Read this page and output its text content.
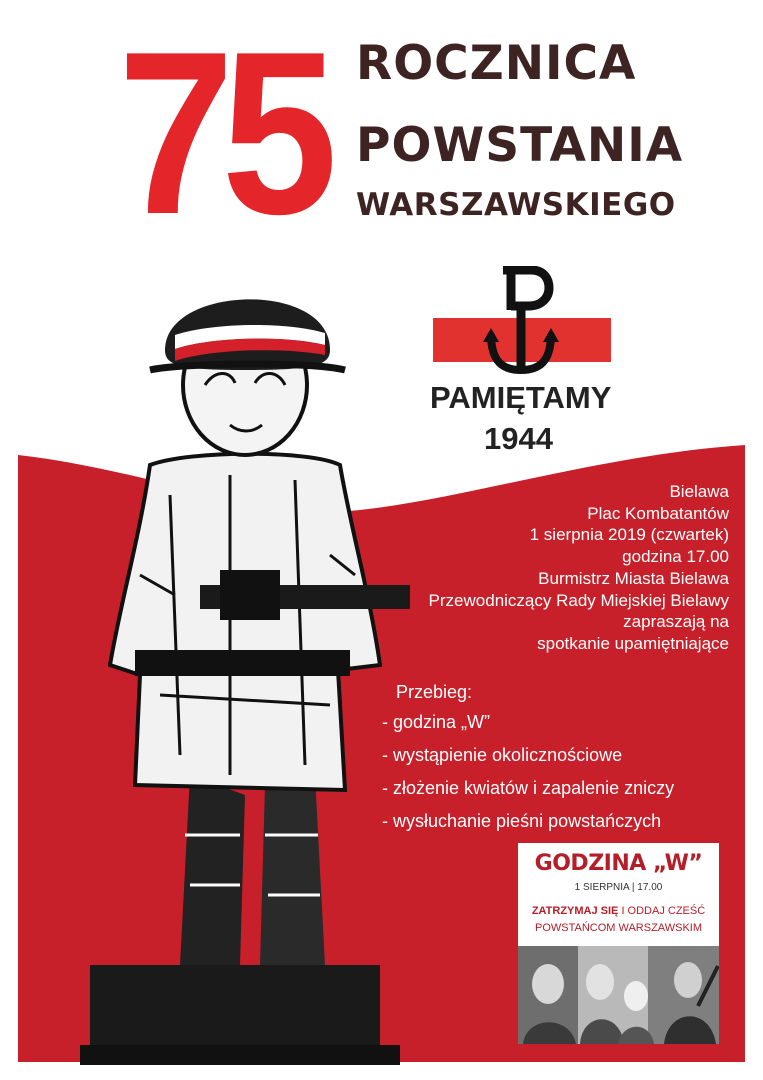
75 ROCZNICA
POWSTANIA
WARSZAWSKIEGO
PAMIĘTAMY
1944
Bielawa
Plac Kombatantów
1 sierpnia 2019 (czwartek)
godzina 17.00
Burmistrz Miasta Bielawa
Przewodniczący Rady Miejskiej Bielawy
zapraszają na
spotkanie upamiętniające
Przebieg:
- godzina „W”
- wystąpienie okolicznościowe
- złożenie kwiatów i zapalenie zniczy
- wysłuchanie pieśni powstańczych
GODZINA „W”
1 SIERPNIA | 17.00
ZATRZYMAJ SIĘ I ODDAJ CZEŚĆ
POWSTAŃCOM WARSZAWSKIM
